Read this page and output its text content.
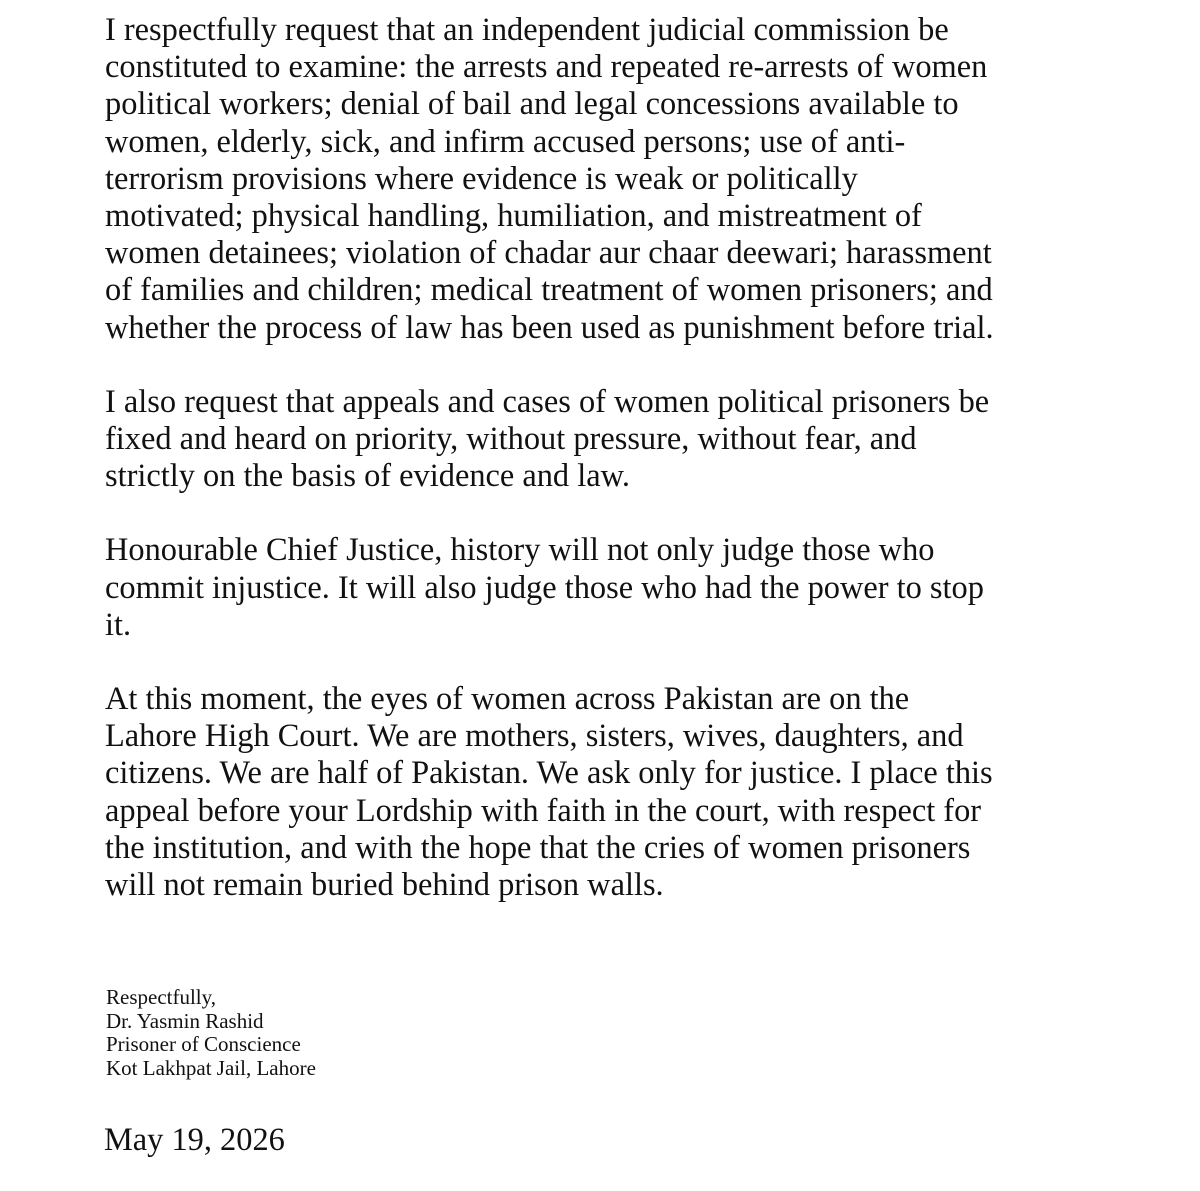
I respectfully request that an independent judicial commission be
constituted to examine: the arrests and repeated re-arrests of women
political workers; denial of bail and legal concessions available to
women, elderly, sick, and infirm accused persons; use of anti-
terrorism provisions where evidence is weak or politically
motivated; physical handling, humiliation, and mistreatment of
women detainees; violation of chadar aur chaar deewari; harassment
of families and children; medical treatment of women prisoners; and
whether the process of law has been used as punishment before trial.

I also request that appeals and cases of women political prisoners be
fixed and heard on priority, without pressure, without fear, and
strictly on the basis of evidence and law.

Honourable Chief Justice, history will not only judge those who
commit injustice. It will also judge those who had the power to stop
it.

At this moment, the eyes of women across Pakistan are on the
Lahore High Court. We are mothers, sisters, wives, daughters, and
citizens. We are half of Pakistan. We ask only for justice. I place this
appeal before your Lordship with faith in the court, with respect for
the institution, and with the hope that the cries of women prisoners
will not remain buried behind prison walls.

Respectfully,
Dr. Yasmin Rashid
Prisoner of Conscience
Kot Lakhpat Jail, Lahore
May 19, 2026
